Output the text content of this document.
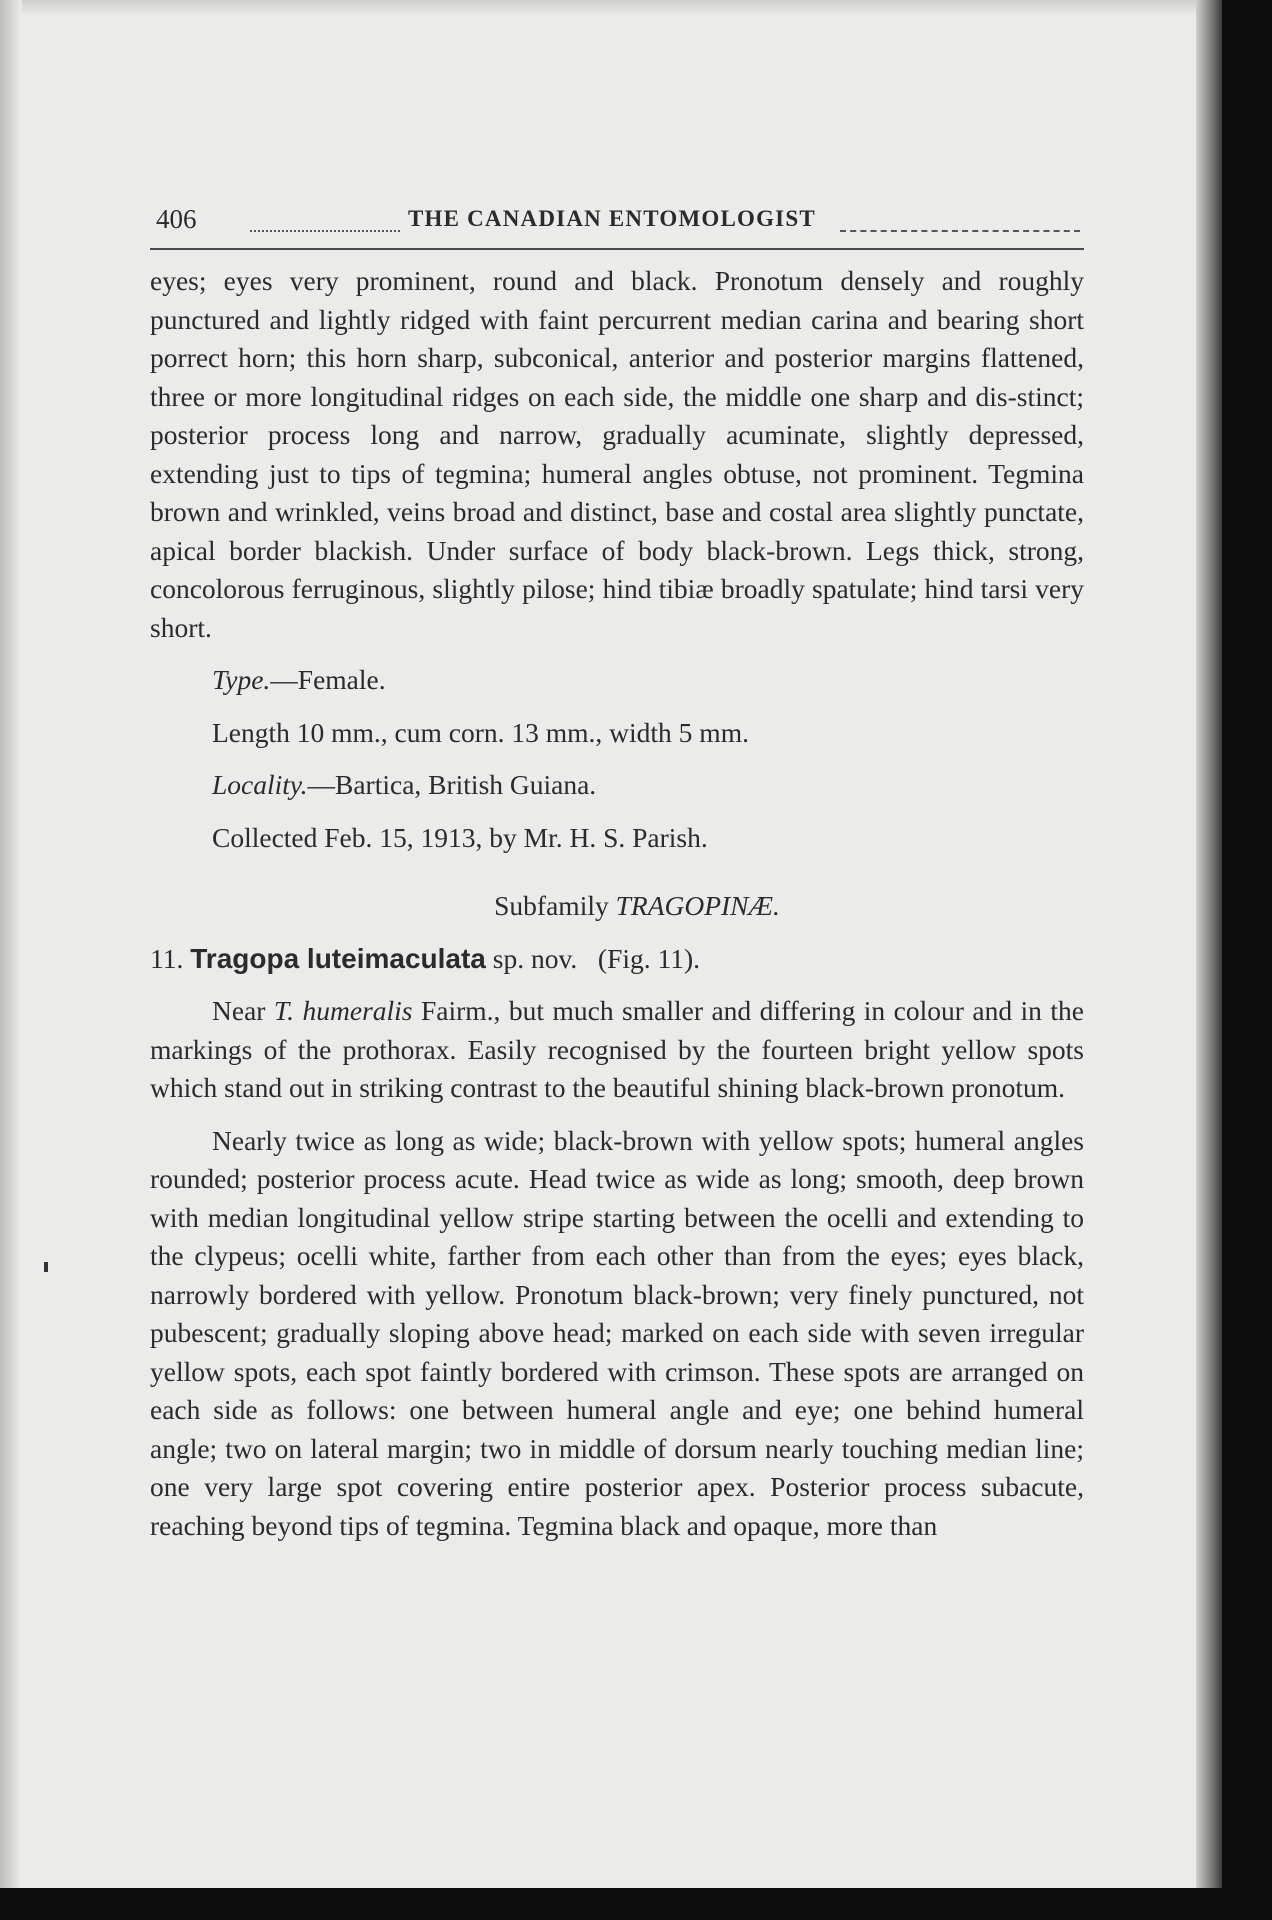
406	THE CANADIAN ENTOMOLOGIST

eyes; eyes very prominent, round and black. Pronotum densely and roughly punctured and lightly ridged with faint percurrent median carina and bearing short porrect horn; this horn sharp, subconical, anterior and posterior margins flattened, three or more longitudinal ridges on each side, the middle one sharp and dis-stinct; posterior process long and narrow, gradually acuminate, slightly depressed, extending just to tips of tegmina; humeral angles obtuse, not prominent. Tegmina brown and wrinkled, veins broad and distinct, base and costal area slightly punctate, apical border blackish. Under surface of body black-brown. Legs thick, strong, concolorous ferruginous, slightly pilose; hind tibiæ broadly spatulate; hind tarsi very short.

Type.—Female.

Length 10 mm., cum corn. 13 mm., width 5 mm.

Locality.—Bartica, British Guiana.

Collected Feb. 15, 1913, by Mr. H. S. Parish.

Subfamily TRAGOPINÆ.

11. Tragopa luteimaculata sp. nov.   (Fig. 11).

Near T. humeralis Fairm., but much smaller and differing in colour and in the markings of the prothorax. Easily recognised by the fourteen bright yellow spots which stand out in striking contrast to the beautiful shining black-brown pronotum.

Nearly twice as long as wide; black-brown with yellow spots; humeral angles rounded; posterior process acute. Head twice as wide as long; smooth, deep brown with median longitudinal yellow stripe starting between the ocelli and extending to the clypeus; ocelli white, farther from each other than from the eyes; eyes black, narrowly bordered with yellow. Pronotum black-brown; very finely punctured, not pubescent; gradually sloping above head; marked on each side with seven irregular yellow spots, each spot faintly bordered with crimson. These spots are arranged on each side as follows: one between humeral angle and eye; one behind humeral angle; two on lateral margin; two in middle of dorsum nearly touching median line; one very large spot covering entire posterior apex. Posterior process subacute, reaching beyond tips of tegmina. Tegmina black and opaque, more than
